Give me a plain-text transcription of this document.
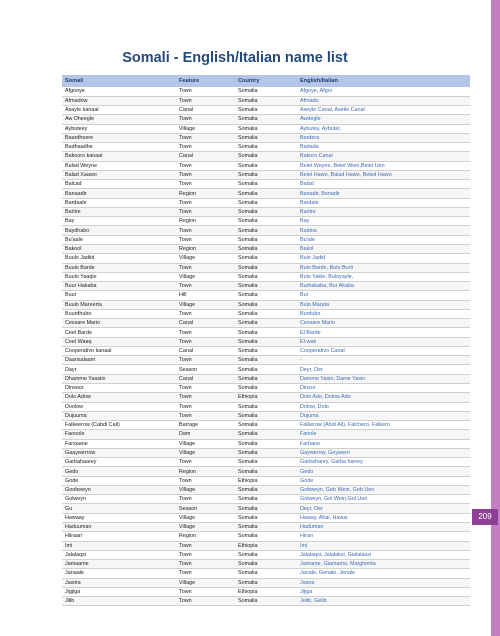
209
Somali - English/Italian name list
Somali	Feature	Country	English/Italian
Afgooye	Town	Somalia	Afgoye, Afgoi
Afmadow	Town	Somalia	Afmado
Asayle kanaal	Canal	Somalia	Aseyle Canal, Aseile Canal
Aw Dheegle	Town	Somalia	Awdegle
Aybuteey	Village	Somalia	Aybutey, Aybutei,
Baardheere	Town	Somalia	Bardera
Badhaadhe	Town	Somalia	Badada
Bakooro kanaal	Canal	Somalia	Bakoro Canal
Balad Weyne	Town	Somalia	Belet Weyne, Belet Wein,Belet Uen
Balad Xaawo	Town	Somalia	Belet Hawo, Balad Hawo, Beled Hawo
Balcad	Town	Somalia	Balad
Banaadir	Region	Somalia	Banadir, Benadir
Bardaale	Town	Somalia	Bardale
Barlire	Town	Somalia	Barlire
Bay	Region	Somalia	Bay
Baydhabo	Town	Somalia	Baidoa
Bu'aale	Town	Somalia	Bu'ale
Bakool	Region	Somalia	Bakol
Buulo Jadiid	Village	Somalia	Bulo Jadid
Buulo Barde	Town	Somalia	Bulo Barde, Bulo Burti
Buulo Yaaqle	Village	Somalia	Bulo Yakle, Buloyayle,
Buur Hakaba	Town	Somalia	Burhakaba, Bur Akaba
Buur	Hill	Somalia	Bur
Buulo Mareerta	Village	Somalia	Bulo Mareta
Buurdhubo	Town	Somalia	Burdubo
Cessare Mario	Canal	Somalia	Cessare Mario
Ceel Barde	Town	Somalia	El Barde
Ceel Waaq	Town	Somalia	El-wak
Cooperativo kanaal	Canal	Somalia	Cooperativo Canal
Daarisalaam	Town	Somalia	-
Dayr	Season	Somalia	Deyr, Der
Dhamme Yaasiin	Canal	Somalia	Damme Yasin, Dame Yasin
Dinsoor	Town	Somalia	Dinsor
Dolo Adow	Town	Ethiopia	Dolo Ado, Dolow Ado
Doolow	Town	Somalia	Dolow, Dolo
Dujuuma	Town	Somalia	Dujuma
Falkeerow (Cabdi Cali)	Barrage	Somalia	Falkerow (Abdi Ali), Falchero, Falkero
Fanoole	Dam	Somalia	Fanole
Farxaane	Village	Somalia	Farhane
Gaaywerrow	Village	Somalia	Gaywerow, Geywero
Garbahaarey	Town	Somalia	Garbaharey, Garba harrey
Gedo	Region	Somalia	Gedo
Gode	Town	Ethiopia	Gode
Goobweyn	Village	Somalia	Gobweyn, Gob Wein, Gob Uen
Golweyn	Town	Somalia	Golweyn, Gol Wein,Gol Uen
Gu	Season	Somalia	Deyr, Der
Hawaay	Village	Somalia	Haway, Ahai, Hawai
Haduuman	Village	Somalia	Haduman
Hiiraan	Region	Somalia	Hiran
Imi	Town	Ethiopia	Imi
Jalalaqsi	Town	Somalia	Jalalaqsi, Jalalaksi, Gialalassi
Jamaame	Town	Somalia	Jamame, Giamama, Margherita
Janaale	Town	Somalia	Janale, Genale, Jenale
Jasiira	Village	Somalia	Jasira
Jigjiga	Town	Ethiopia	Jijiga
Jilib	Town	Somalia	Jelib, Gelib
